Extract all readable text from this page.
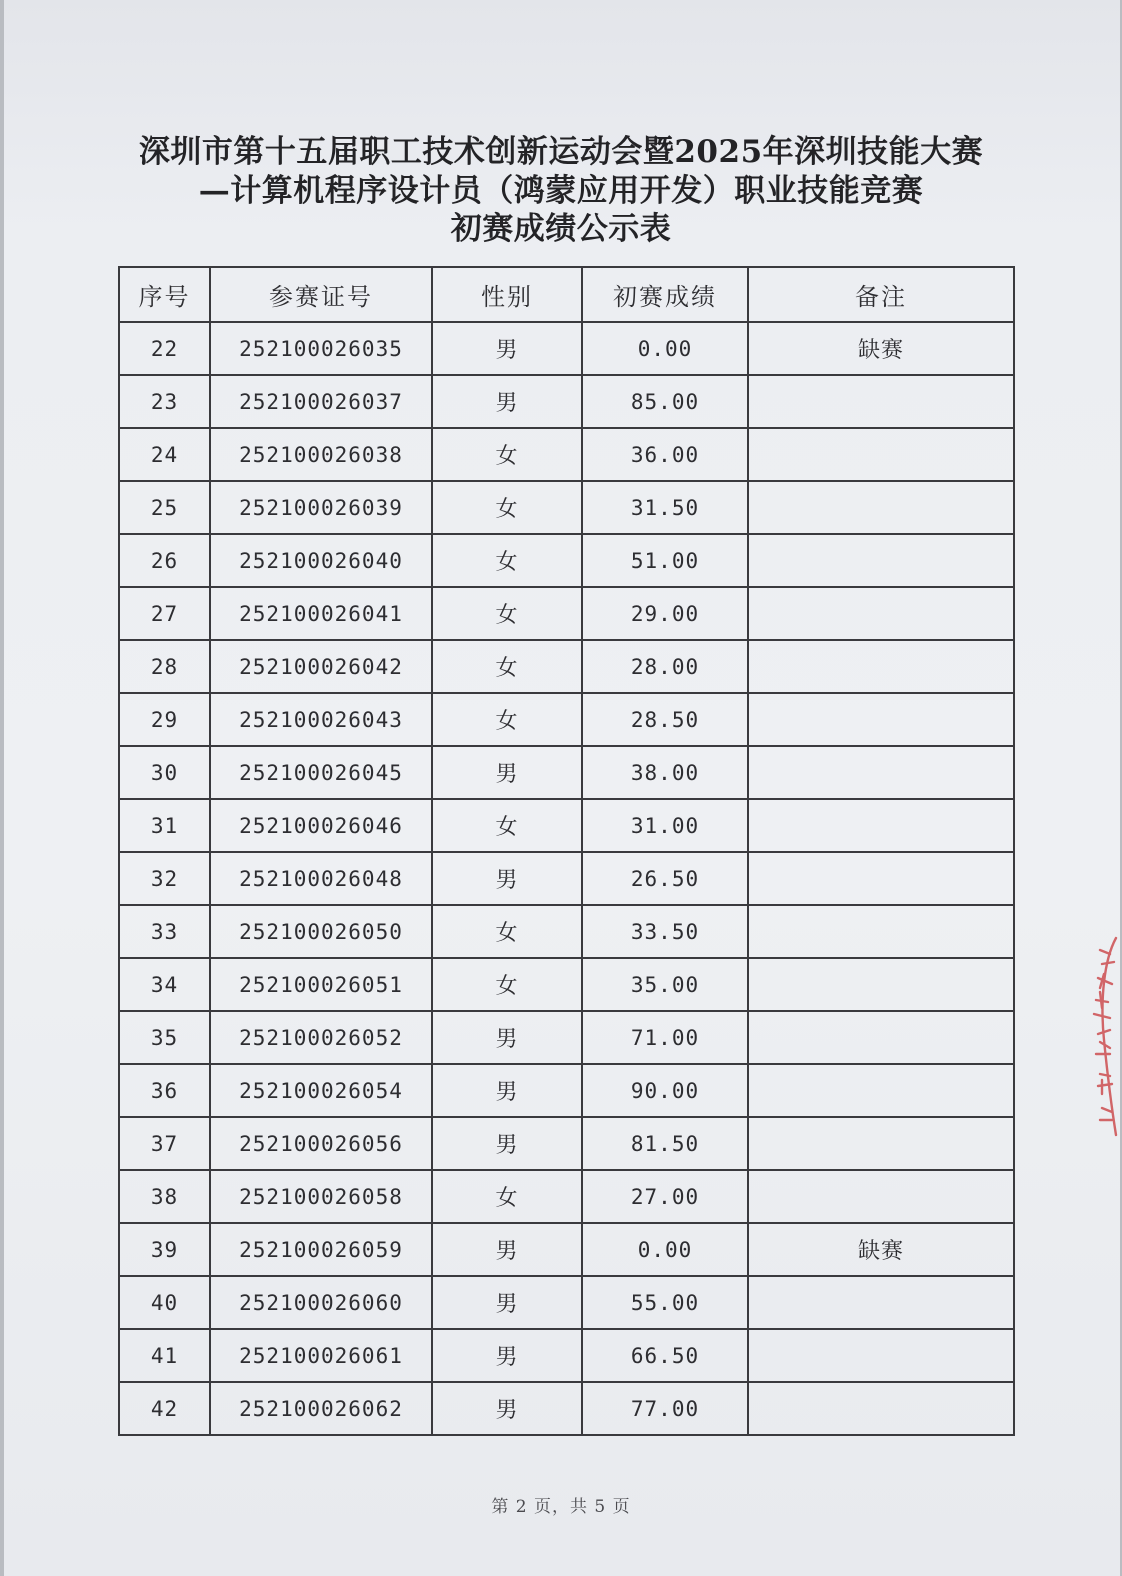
深圳市第十五届职工技术创新运动会暨2025年深圳技能大赛
—计算机程序设计员（鸿蒙应用开发）职业技能竞赛
初赛成绩公示表
序号	参赛证号	性别	初赛成绩	备注
22	252100026035	男	0.00	缺赛
23	252100026037	男	85.00	
24	252100026038	女	36.00	
25	252100026039	女	31.50	
26	252100026040	女	51.00	
27	252100026041	女	29.00	
28	252100026042	女	28.00	
29	252100026043	女	28.50	
30	252100026045	男	38.00	
31	252100026046	女	31.00	
32	252100026048	男	26.50	
33	252100026050	女	33.50	
34	252100026051	女	35.00	
35	252100026052	男	71.00	
36	252100026054	男	90.00	
37	252100026056	男	81.50	
38	252100026058	女	27.00	
39	252100026059	男	0.00	缺赛
40	252100026060	男	55.00	
41	252100026061	男	66.50	
42	252100026062	男	77.00	
第 2 页，共 5 页
